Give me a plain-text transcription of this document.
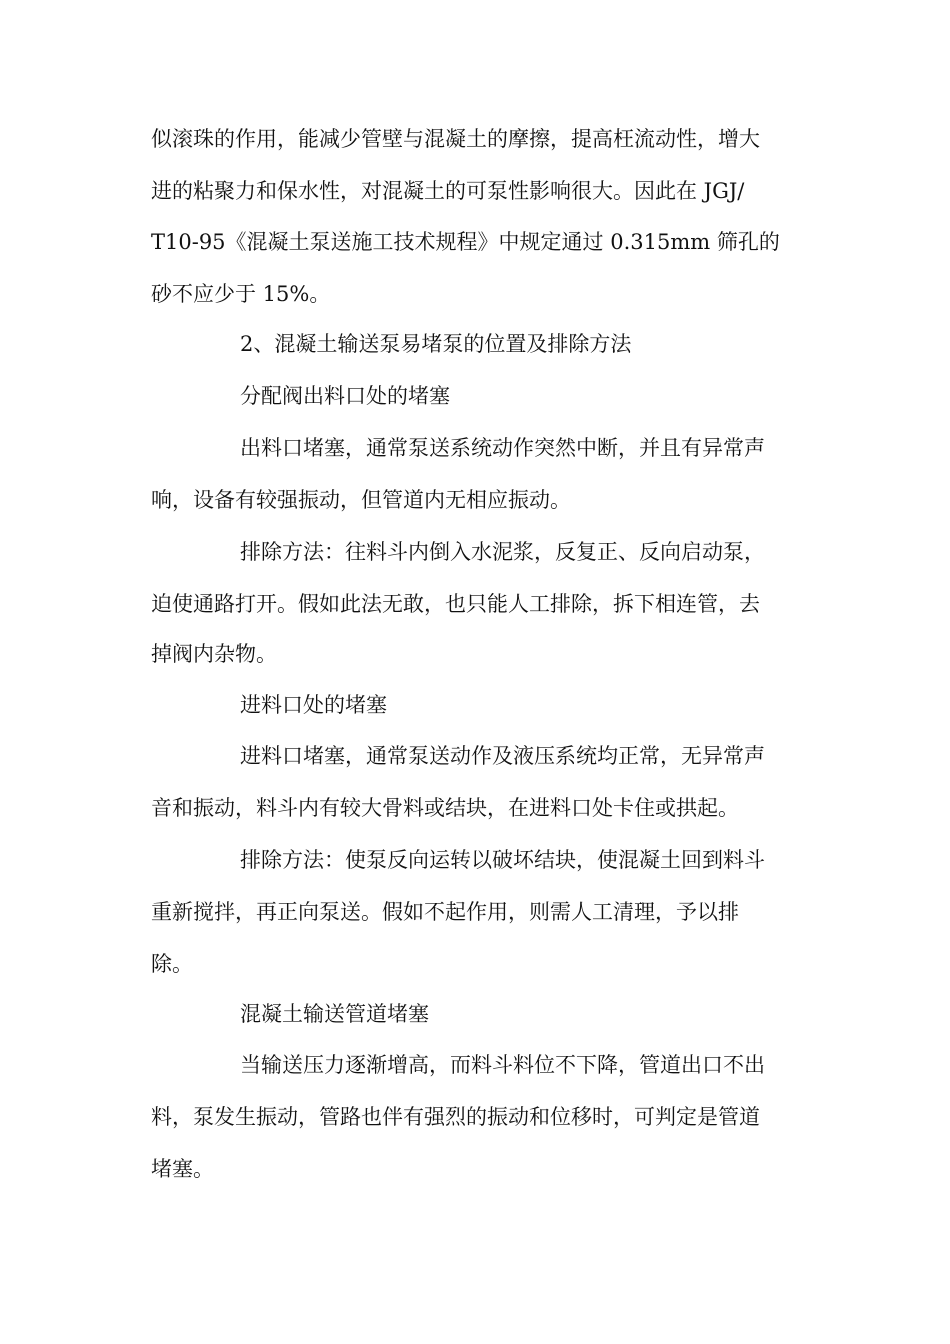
似滚珠的作用，能减少管壁与混凝土的摩擦，提高枉流动性，增大
进的粘聚力和保水性，对混凝土的可泵性影响很大。因此在 JGJ/
T10-95《混凝土泵送施工技术规程》中规定通过 0.315mm 筛孔的
砂不应少于 15%。
2、混凝土输送泵易堵泵的位置及排除方法
分配阀出料口处的堵塞
出料口堵塞，通常泵送系统动作突然中断，并且有异常声
响，设备有较强振动，但管道内无相应振动。
排除方法：往料斗内倒入水泥浆，反复正、反向启动泵，
迫使通路打开。假如此法无敢，也只能人工排除，拆下相连管，去
掉阀内杂物。
进料口处的堵塞
进料口堵塞，通常泵送动作及液压系统均正常，无异常声
音和振动，料斗内有较大骨料或结块，在进料口处卡住或拱起。
排除方法：使泵反向运转以破坏结块，使混凝土回到料斗
重新搅拌，再正向泵送。假如不起作用，则需人工清理，予以排
除。
混凝土输送管道堵塞
当输送压力逐渐增高，而料斗料位不下降，管道出口不出
料，泵发生振动，管路也伴有强烈的振动和位移时，可判定是管道
堵塞。
